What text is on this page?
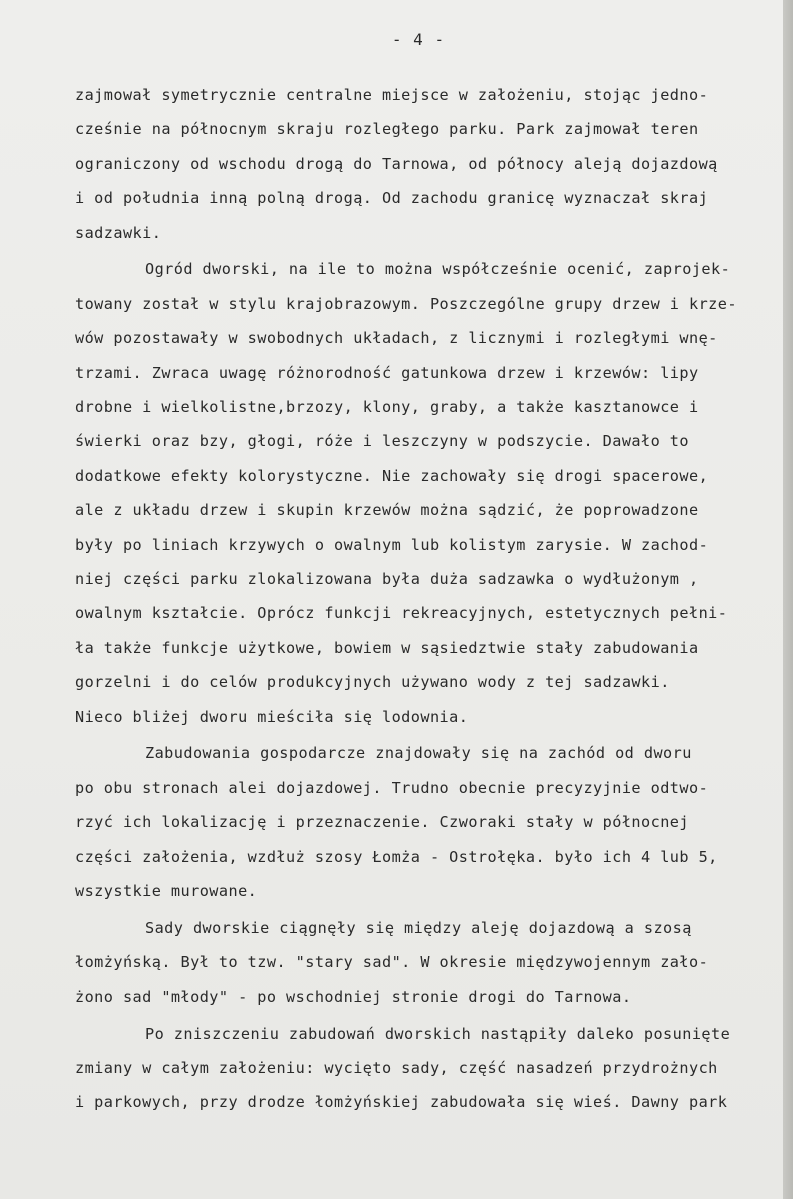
- 4 -
zajmował symetrycznie centralne miejsce w założeniu, stojąc jedno-
cześnie na północnym skraju rozległego parku. Park zajmował teren
ograniczony od wschodu drogą do Tarnowa, od północy aleją dojazdową
i od południa inną polną drogą. Od zachodu granicę wyznaczał skraj
sadzawki.
Ogród dworski, na ile to można współcześnie ocenić, zaprojek-
towany został w stylu krajobrazowym. Poszczególne grupy drzew i krze-
wów pozostawały w swobodnych układach, z licznymi i rozległymi wnę-
trzami. Zwraca uwagę różnorodność gatunkowa drzew i krzewów: lipy
drobne i wielkolistne,brzozy, klony, graby, a także kasztanowce i
świerki oraz bzy, głogi, róże i leszczyny w podszycie. Dawało to
dodatkowe efekty kolorystyczne. Nie zachowały się drogi spacerowe,
ale z układu drzew i skupin krzewów można sądzić, że poprowadzone
były po liniach krzywych o owalnym lub kolistym zarysie. W zachod-
niej części parku zlokalizowana była duża sadzawka o wydłużonym ,
owalnym kształcie. Oprócz funkcji rekreacyjnych, estetycznych pełni-
ła także funkcje użytkowe, bowiem w sąsiedztwie stały zabudowania
gorzelni i do celów produkcyjnych używano wody z tej sadzawki.
Nieco bliżej dworu mieściła się lodownia.
Zabudowania gospodarcze znajdowały się na zachód od dworu
po obu stronach alei dojazdowej. Trudno obecnie precyzyjnie odtwo-
rzyć ich lokalizację i przeznaczenie. Czworaki stały w północnej
części założenia, wzdłuż szosy Łomża - Ostrołęka. było ich 4 lub 5,
wszystkie murowane.
Sady dworskie ciągnęły się między aleję dojazdową a szosą
łomżyńską. Był to tzw. "stary sad". W okresie międzywojennym zało-
żono sad "młody" - po wschodniej stronie drogi do Tarnowa.
Po zniszczeniu zabudowań dworskich nastąpiły daleko posunięte
zmiany w całym założeniu: wycięto sady, część nasadzeń przydrożnych
i parkowych, przy drodze łomżyńskiej zabudowała się wieś. Dawny park
